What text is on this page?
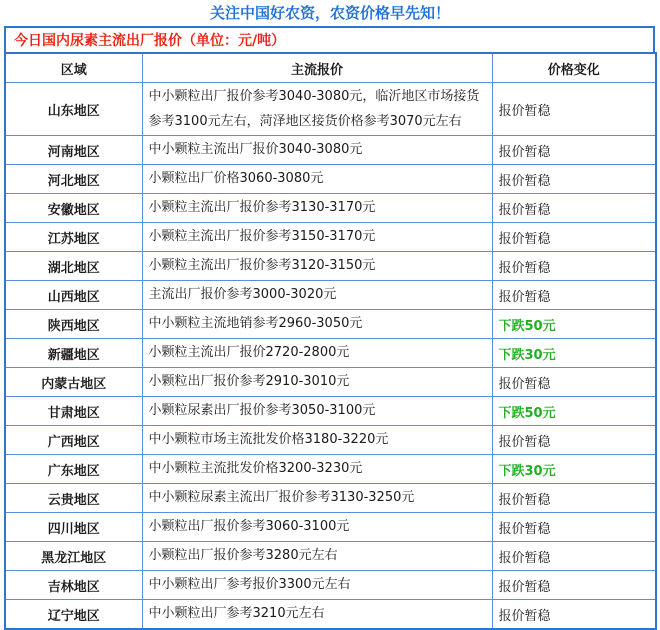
关注中国好农资，农资价格早先知！
今日国内尿素主流出厂报价（单位：元/吨）
区域	主流报价	价格变化
山东地区	中小颗粒出厂报价参考3040-3080元，临沂地区市场接货参考3100元左右，菏泽地区接货价格参考3070元左右	报价暂稳
河南地区	中小颗粒主流出厂报价3040-3080元	报价暂稳
河北地区	小颗粒出厂价格3060-3080元	报价暂稳
安徽地区	小颗粒主流出厂报价参考3130-3170元	报价暂稳
江苏地区	小颗粒主流出厂报价参考3150-3170元	报价暂稳
湖北地区	小颗粒主流出厂报价参考3120-3150元	报价暂稳
山西地区	主流出厂报价参考3000-3020元	报价暂稳
陕西地区	中小颗粒主流地销参考2960-3050元	下跌50元
新疆地区	小颗粒主流出厂报价2720-2800元	下跌30元
内蒙古地区	小颗粒出厂报价参考2910-3010元	报价暂稳
甘肃地区	小颗粒尿素出厂报价参考3050-3100元	下跌50元
广西地区	中小颗粒市场主流批发价格3180-3220元	报价暂稳
广东地区	中小颗粒主流批发价格3200-3230元	下跌30元
云贵地区	中小颗粒尿素主流出厂报价参考3130-3250元	报价暂稳
四川地区	小颗粒出厂报价参考3060-3100元	报价暂稳
黑龙江地区	小颗粒出厂报价参考3280元左右	报价暂稳
吉林地区	中小颗粒出厂参考报价3300元左右	报价暂稳
辽宁地区	中小颗粒出厂参考3210元左右	报价暂稳
